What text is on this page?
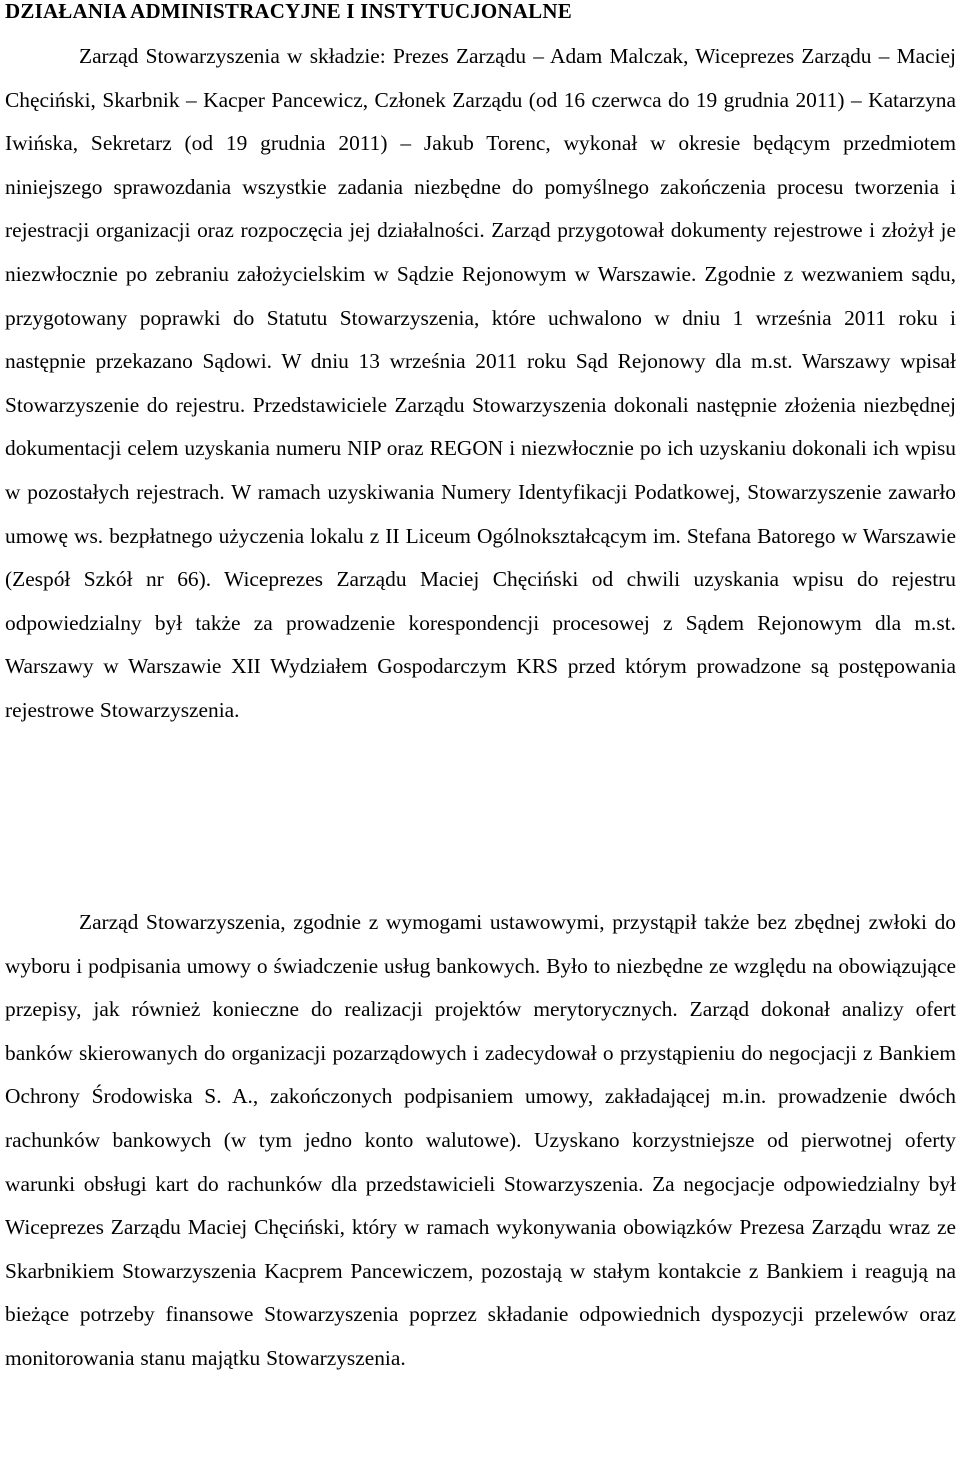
DZIAŁANIA ADMINISTRACYJNE I INSTYTUCJONALNE

Zarząd Stowarzyszenia w składzie: Prezes Zarządu – Adam Malczak, Wiceprezes Zarządu – Maciej Chęciński, Skarbnik – Kacper Pancewicz, Członek Zarządu (od 16 czerwca do 19 grudnia 2011) – Katarzyna Iwińska, Sekretarz (od 19 grudnia 2011) – Jakub Torenc, wykonał w okresie będącym przedmiotem niniejszego sprawozdania wszystkie zadania niezbędne do pomyślnego zakończenia procesu tworzenia i rejestracji organizacji oraz rozpoczęcia jej działalności. Zarząd przygotował dokumenty rejestrowe i złożył je niezwłocznie po zebraniu założycielskim w Sądzie Rejonowym w Warszawie. Zgodnie z wezwaniem sądu, przygotowany poprawki do Statutu Stowarzyszenia, które uchwalono w dniu 1 września 2011 roku i następnie przekazano Sądowi. W dniu 13 września 2011 roku Sąd Rejonowy dla m.st. Warszawy wpisał Stowarzyszenie do rejestru. Przedstawiciele Zarządu Stowarzyszenia dokonali następnie złożenia niezbędnej dokumentacji celem uzyskania numeru NIP oraz REGON i niezwłocznie po ich uzyskaniu dokonali ich wpisu w pozostałych rejestrach. W ramach uzyskiwania Numery Identyfikacji Podatkowej, Stowarzyszenie zawarło umowę ws. bezpłatnego użyczenia lokalu z II Liceum Ogólnokształcącym im. Stefana Batorego w Warszawie (Zespół Szkół nr 66). Wiceprezes Zarządu Maciej Chęciński od chwili uzyskania wpisu do rejestru odpowiedzialny był także za prowadzenie korespondencji procesowej z Sądem Rejonowym dla m.st. Warszawy w Warszawie XII Wydziałem Gospodarczym KRS przed którym prowadzone są postępowania rejestrowe Stowarzyszenia.

Zarząd Stowarzyszenia, zgodnie z wymogami ustawowymi, przystąpił także bez zbędnej zwłoki do wyboru i podpisania umowy o świadczenie usług bankowych. Było to niezbędne ze względu na obowiązujące przepisy, jak również konieczne do realizacji projektów merytorycznych. Zarząd dokonał analizy ofert banków skierowanych do organizacji pozarządowych i zadecydował o przystąpieniu do negocjacji z Bankiem Ochrony Środowiska S. A., zakończonych podpisaniem umowy, zakładającej m.in. prowadzenie dwóch rachunków bankowych (w tym jedno konto walutowe). Uzyskano korzystniejsze od pierwotnej oferty warunki obsługi kart do rachunków dla przedstawicieli Stowarzyszenia. Za negocjacje odpowiedzialny był Wiceprezes Zarządu Maciej Chęciński, który w ramach wykonywania obowiązków Prezesa Zarządu wraz ze Skarbnikiem Stowarzyszenia Kacprem Pancewiczem, pozostają w stałym kontakcie z Bankiem i reagują na bieżące potrzeby finansowe Stowarzyszenia poprzez składanie odpowiednich dyspozycji przelewów oraz monitorowania stanu majątku Stowarzyszenia.
